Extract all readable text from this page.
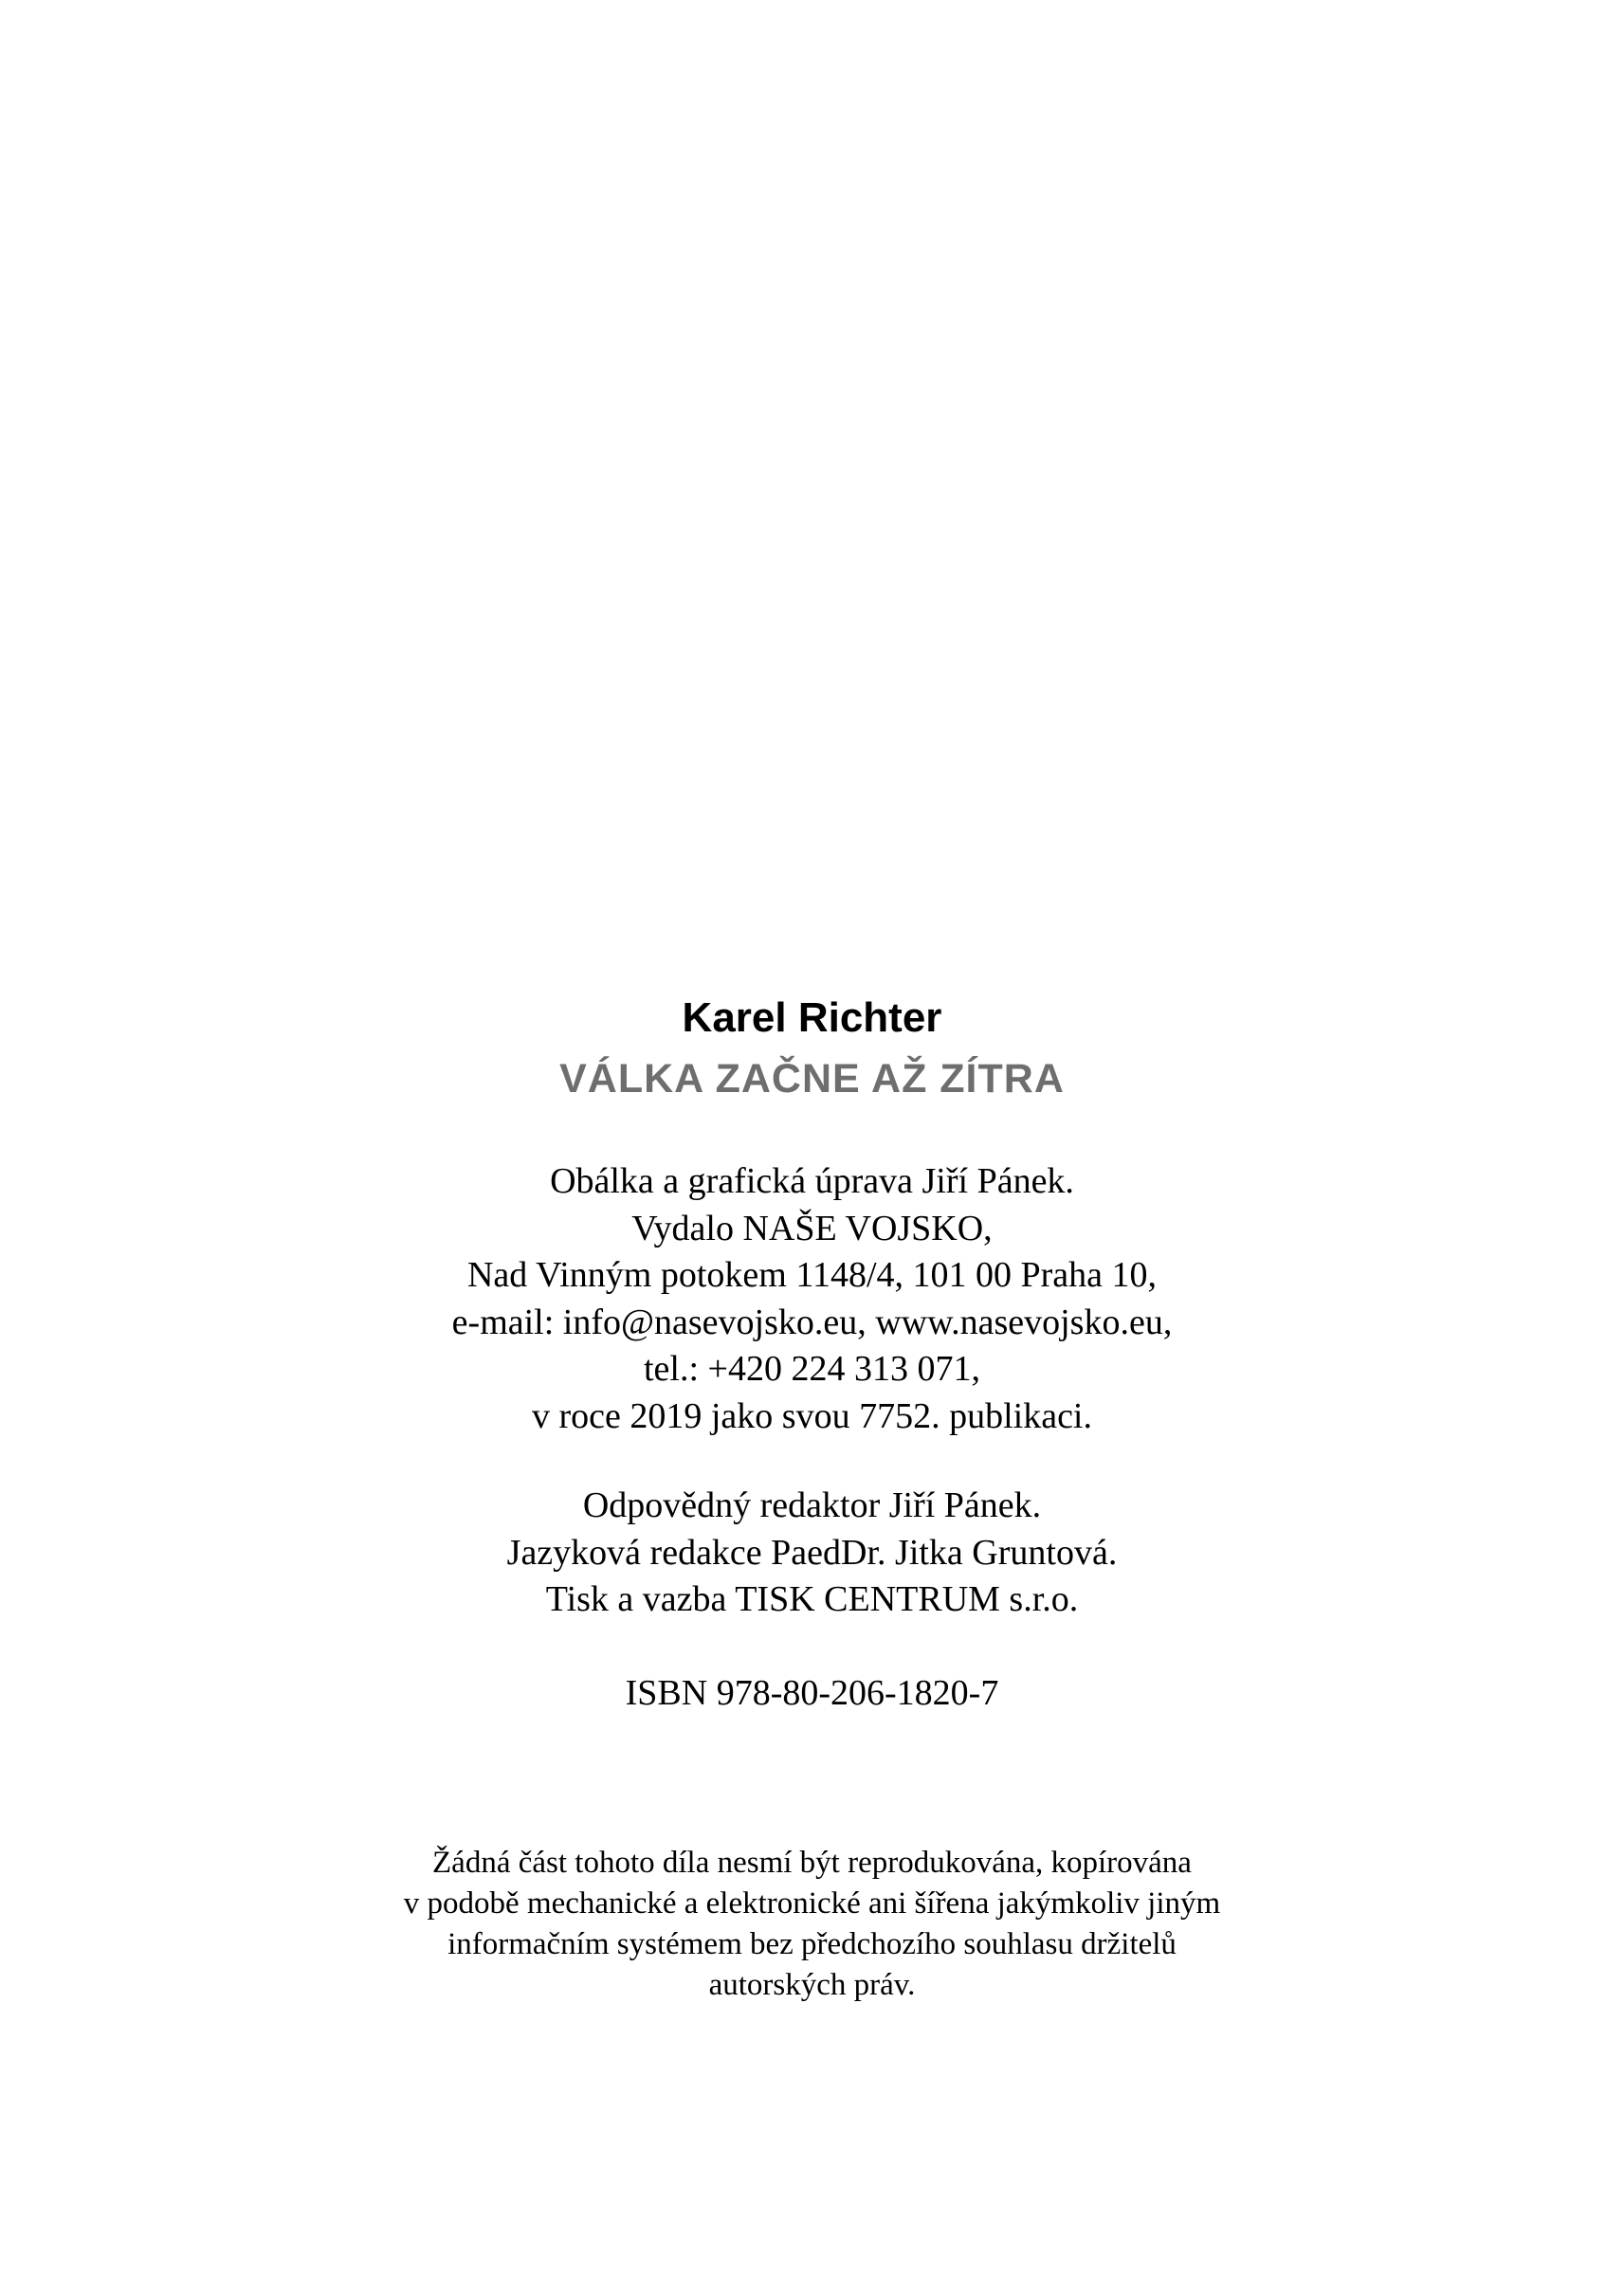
Karel Richter
VÁLKA ZAČNE AŽ ZÍTRA
Obálka a grafická úprava Jiří Pánek.
Vydalo NAŠE VOJSKO,
Nad Vinným potokem 1148/4, 101 00 Praha 10,
e-mail: info@nasevojsko.eu, www.nasevojsko.eu,
tel.: +420 224 313 071,
v roce 2019 jako svou 7752. publikaci.
Odpovědný redaktor Jiří Pánek.
Jazyková redakce PaedDr. Jitka Gruntová.
Tisk a vazba TISK CENTRUM s.r.o.
ISBN 978-80-206-1820-7
Žádná část tohoto díla nesmí být reprodukována, kopírována
v podobě mechanické a elektronické ani šířena jakýmkoliv jiným
informačním systémem bez předchozího souhlasu držitelů
autorských práv.
